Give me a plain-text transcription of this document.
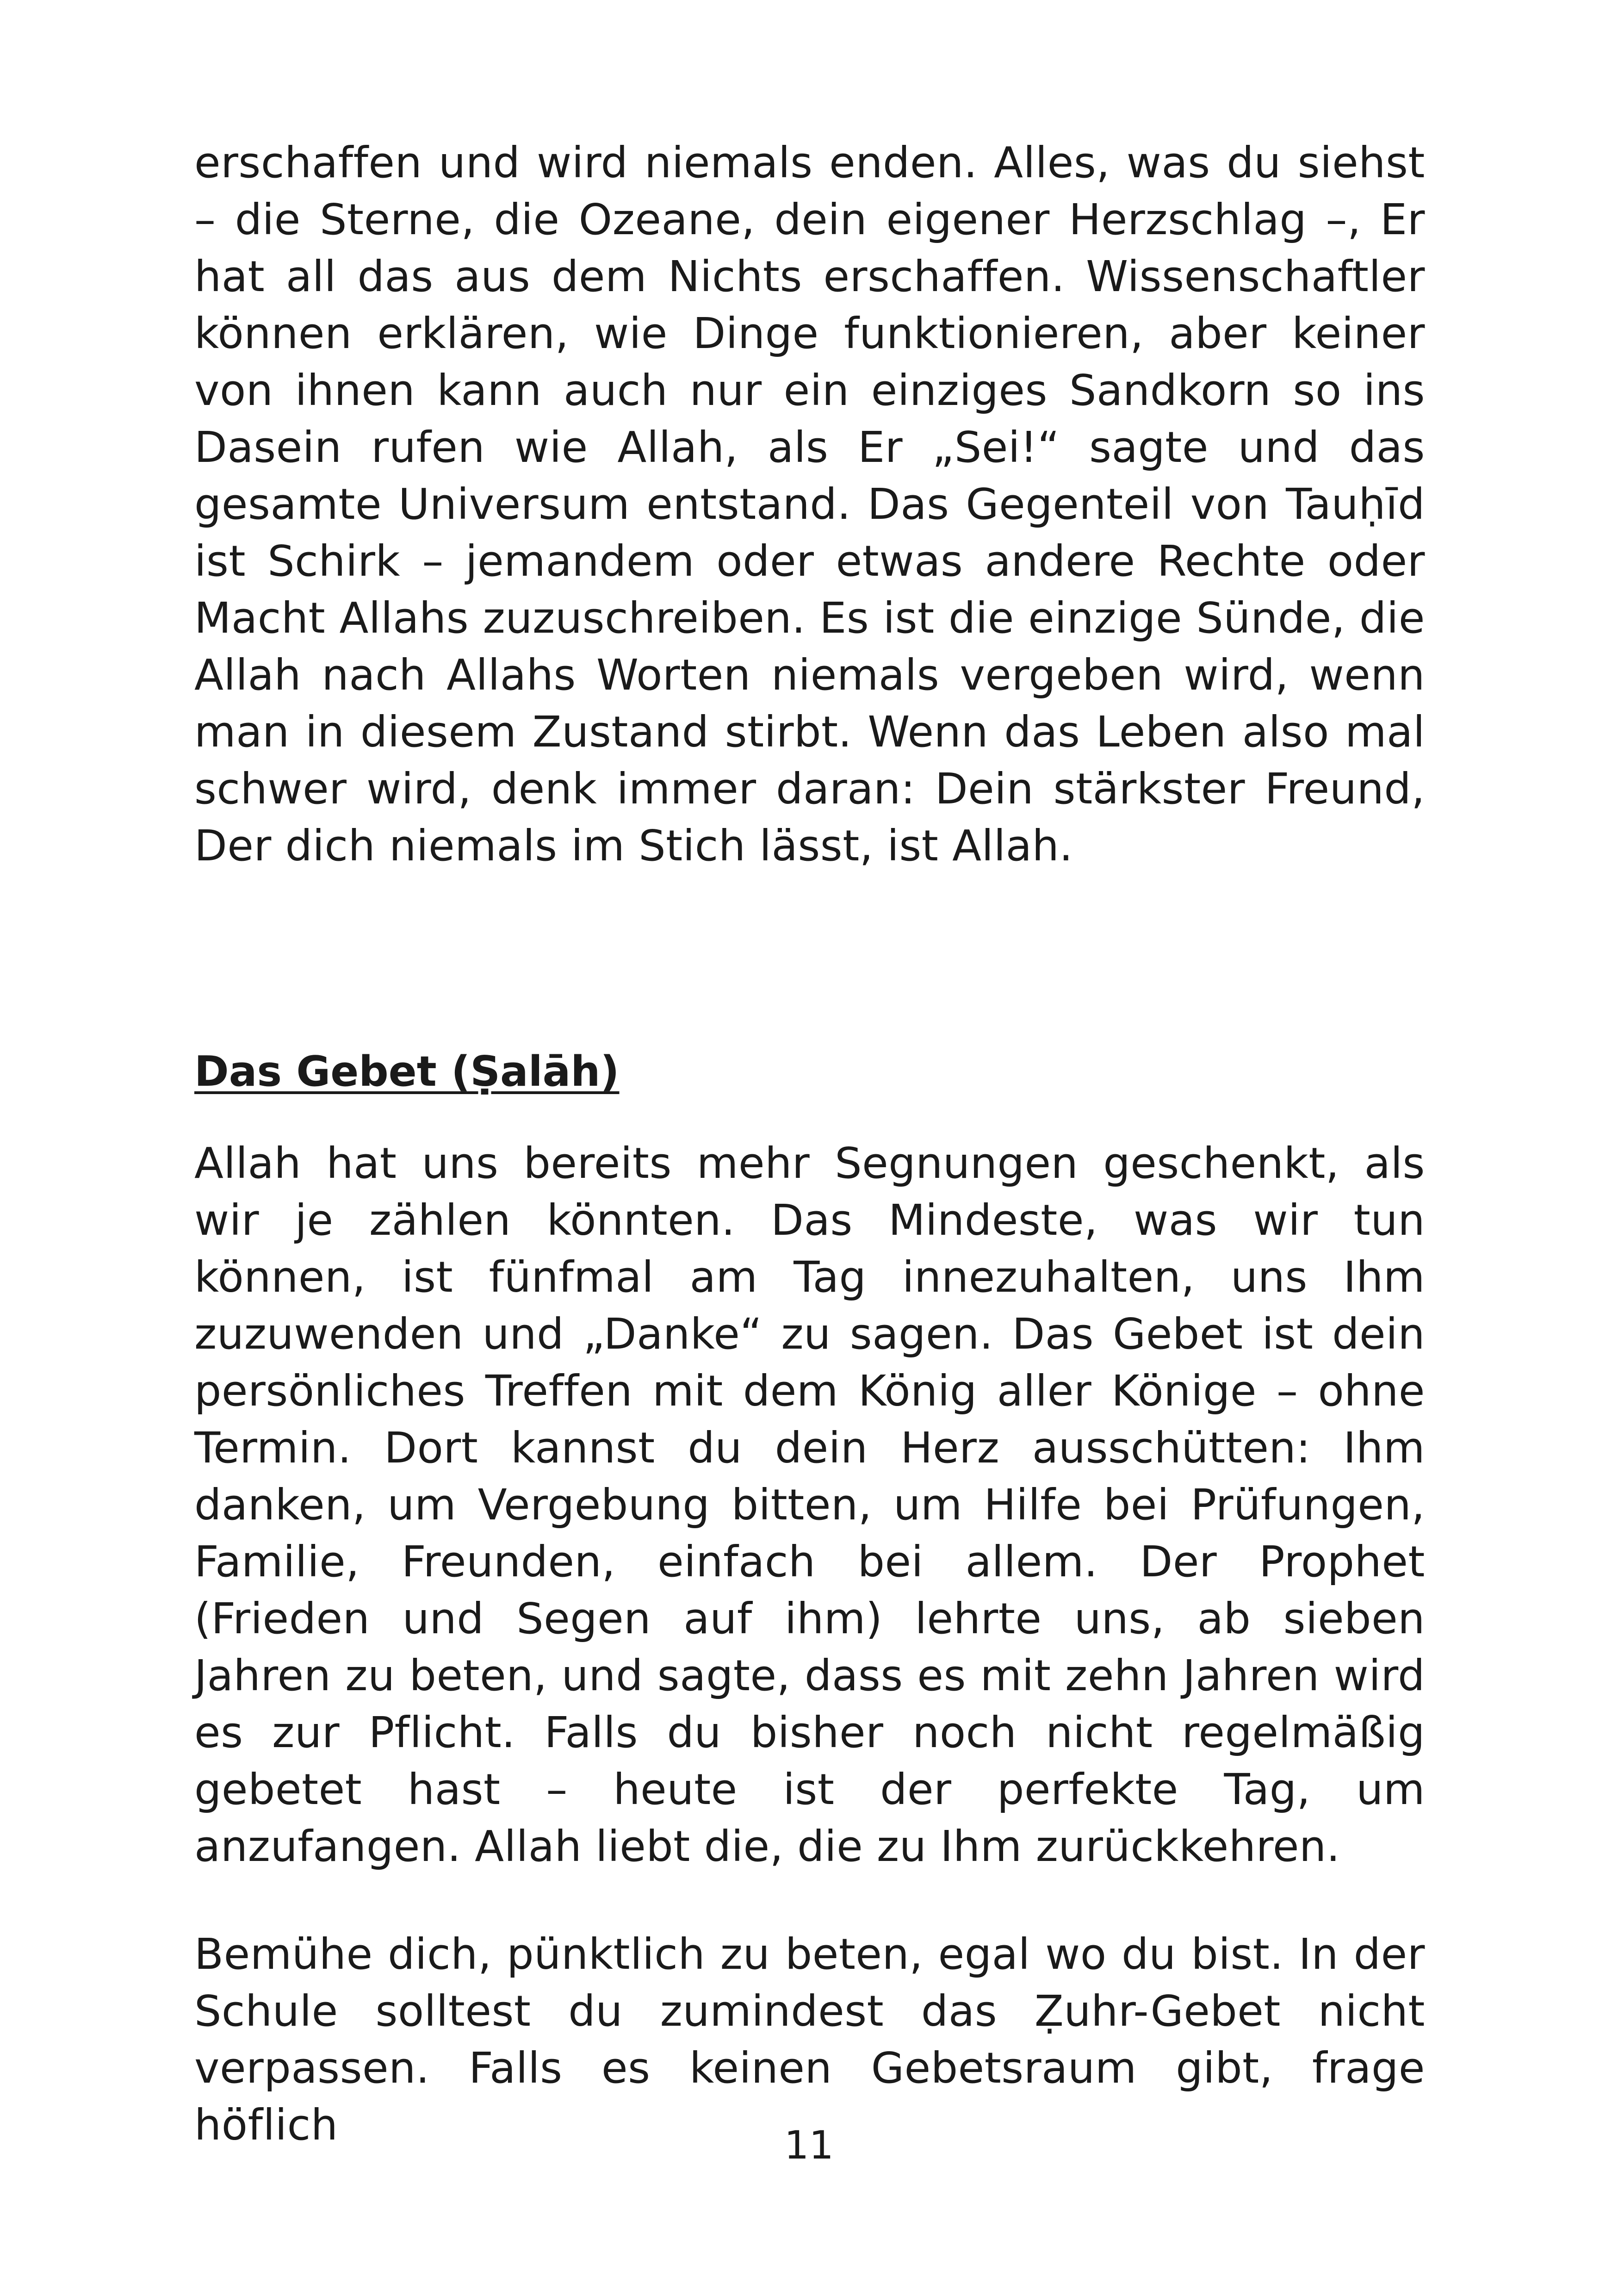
erschaffen und wird niemals enden. Alles, was du siehst – die Sterne, die Ozeane, dein eigener Herzschlag –, Er hat all das aus dem Nichts erschaffen. Wissenschaftler können erklären, wie Dinge funktionieren, aber keiner von ihnen kann auch nur ein einziges Sandkorn so ins Dasein rufen wie Allah, als Er „Sei!“ sagte und das gesamte Universum entstand. Das Gegenteil von Tauḥīd ist Schirk – jemandem oder etwas andere Rechte oder Macht Allahs zuzuschreiben. Es ist die einzige Sünde, die Allah nach Allahs Worten niemals vergeben wird, wenn man in diesem Zustand stirbt. Wenn das Leben also mal schwer wird, denk immer daran: Dein stärkster Freund, Der dich niemals im Stich lässt, ist Allah.

Das Gebet (Ṣalāh)

Allah hat uns bereits mehr Segnungen geschenkt, als wir je zählen könnten. Das Mindeste, was wir tun können, ist fünfmal am Tag innezuhalten, uns Ihm zuzuwenden und „Danke“ zu sagen. Das Gebet ist dein persönliches Treffen mit dem König aller Könige – ohne Termin. Dort kannst du dein Herz ausschütten: Ihm danken, um Vergebung bitten, um Hilfe bei Prüfungen, Familie, Freunden, einfach bei allem. Der Prophet (Frieden und Segen auf ihm) lehrte uns, ab sieben Jahren zu beten, und sagte, dass es mit zehn Jahren wird es zur Pflicht. Falls du bisher noch nicht regelmäßig gebetet hast – heute ist der perfekte Tag, um anzufangen. Allah liebt die, die zu Ihm zurückkehren.

Bemühe dich, pünktlich zu beten, egal wo du bist. In der Schule solltest du zumindest das Ẓuhr-Gebet nicht verpassen. Falls es keinen Gebetsraum gibt, frage höflich	11
